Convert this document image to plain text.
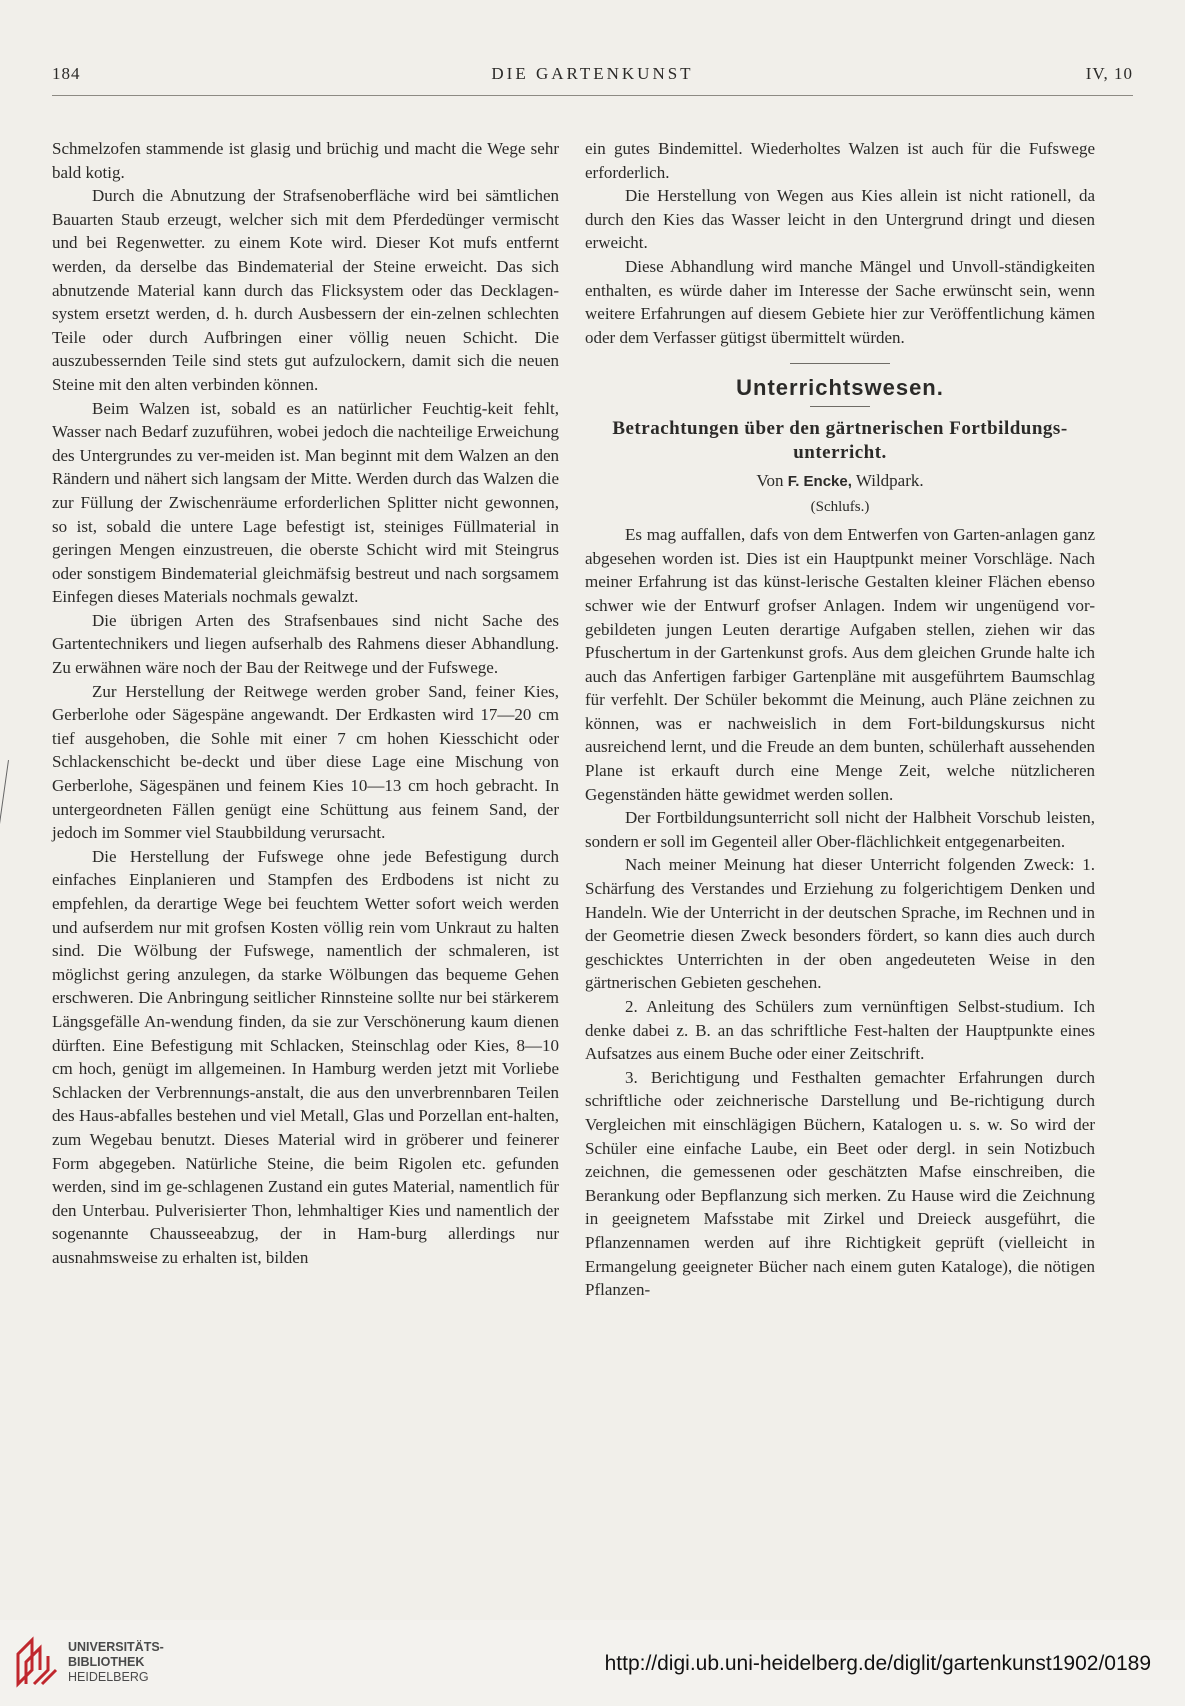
184	DIE GARTENKUNST	IV, 10

Schmelzofen stammende ist glasig und brüchig und macht die Wege sehr bald kotig.

Durch die Abnutzung der Strafsenoberfläche wird bei sämtlichen Bauarten Staub erzeugt, welcher sich mit dem Pferdedünger vermischt und bei Regenwetter. zu einem Kote wird. Dieser Kot mufs entfernt werden, da derselbe das Bindematerial der Steine erweicht. Das sich abnutzende Material kann durch das Flicksystem oder das Decklagen-system ersetzt werden, d. h. durch Ausbessern der ein-zelnen schlechten Teile oder durch Aufbringen einer völlig neuen Schicht. Die auszubessernden Teile sind stets gut aufzulockern, damit sich die neuen Steine mit den alten verbinden können.

Beim Walzen ist, sobald es an natürlicher Feuchtig-keit fehlt, Wasser nach Bedarf zuzuführen, wobei jedoch die nachteilige Erweichung des Untergrundes zu ver-meiden ist. Man beginnt mit dem Walzen an den Rändern und nähert sich langsam der Mitte. Werden durch das Walzen die zur Füllung der Zwischenräume erforderlichen Splitter nicht gewonnen, so ist, sobald die untere Lage befestigt ist, steiniges Füllmaterial in geringen Mengen einzustreuen, die oberste Schicht wird mit Steingrus oder sonstigem Bindematerial gleichmäfsig bestreut und nach sorgsamem Einfegen dieses Materials nochmals gewalzt.

Die übrigen Arten des Strafsenbaues sind nicht Sache des Gartentechnikers und liegen aufserhalb des Rahmens dieser Abhandlung. Zu erwähnen wäre noch der Bau der Reitwege und der Fufswege.

Zur Herstellung der Reitwege werden grober Sand, feiner Kies, Gerberlohe oder Sägespäne angewandt. Der Erdkasten wird 17—20 cm tief ausgehoben, die Sohle mit einer 7 cm hohen Kiesschicht oder Schlackenschicht be-deckt und über diese Lage eine Mischung von Gerberlohe, Sägespänen und feinem Kies 10—13 cm hoch gebracht. In untergeordneten Fällen genügt eine Schüttung aus feinem Sand, der jedoch im Sommer viel Staubbildung verursacht.

Die Herstellung der Fufswege ohne jede Befestigung durch einfaches Einplanieren und Stampfen des Erdbodens ist nicht zu empfehlen, da derartige Wege bei feuchtem Wetter sofort weich werden und aufserdem nur mit grofsen Kosten völlig rein vom Unkraut zu halten sind. Die Wölbung der Fufswege, namentlich der schmaleren, ist möglichst gering anzulegen, da starke Wölbungen das bequeme Gehen erschweren. Die Anbringung seitlicher Rinnsteine sollte nur bei stärkerem Längsgefälle An-wendung finden, da sie zur Verschönerung kaum dienen dürften. Eine Befestigung mit Schlacken, Steinschlag oder Kies, 8—10 cm hoch, genügt im allgemeinen. In Hamburg werden jetzt mit Vorliebe Schlacken der Verbrennungs-anstalt, die aus den unverbrennbaren Teilen des Haus-abfalles bestehen und viel Metall, Glas und Porzellan ent-halten, zum Wegebau benutzt. Dieses Material wird in gröberer und feinerer Form abgegeben. Natürliche Steine, die beim Rigolen etc. gefunden werden, sind im ge-schlagenen Zustand ein gutes Material, namentlich für den Unterbau. Pulverisierter Thon, lehmhaltiger Kies und namentlich der sogenannte Chausseeabzug, der in Ham-burg allerdings nur ausnahmsweise zu erhalten ist, bilden

ein gutes Bindemittel. Wiederholtes Walzen ist auch für die Fufswege erforderlich.

Die Herstellung von Wegen aus Kies allein ist nicht rationell, da durch den Kies das Wasser leicht in den Untergrund dringt und diesen erweicht.

Diese Abhandlung wird manche Mängel und Unvoll-ständigkeiten enthalten, es würde daher im Interesse der Sache erwünscht sein, wenn weitere Erfahrungen auf diesem Gebiete hier zur Veröffentlichung kämen oder dem Verfasser gütigst übermittelt würden.

Unterrichtswesen.
Betrachtungen über den gärtnerischen Fortbildungs-unterricht.
Von F. Encke, Wildpark.
(Schlufs.)

Es mag auffallen, dafs von dem Entwerfen von Garten-anlagen ganz abgesehen worden ist. Dies ist ein Hauptpunkt meiner Vorschläge. Nach meiner Erfahrung ist das künst-lerische Gestalten kleiner Flächen ebenso schwer wie der Entwurf grofser Anlagen. Indem wir ungenügend vor-gebildeten jungen Leuten derartige Aufgaben stellen, ziehen wir das Pfuschertum in der Gartenkunst grofs. Aus dem gleichen Grunde halte ich auch das Anfertigen farbiger Gartenpläne mit ausgeführtem Baumschlag für verfehlt. Der Schüler bekommt die Meinung, auch Pläne zeichnen zu können, was er nachweislich in dem Fort-bildungskursus nicht ausreichend lernt, und die Freude an dem bunten, schülerhaft aussehenden Plane ist erkauft durch eine Menge Zeit, welche nützlicheren Gegenständen hätte gewidmet werden sollen.

Der Fortbildungsunterricht soll nicht der Halbheit Vorschub leisten, sondern er soll im Gegenteil aller Ober-flächlichkeit entgegenarbeiten.

Nach meiner Meinung hat dieser Unterricht folgenden Zweck: 1. Schärfung des Verstandes und Erziehung zu folgerichtigem Denken und Handeln. Wie der Unterricht in der deutschen Sprache, im Rechnen und in der Geometrie diesen Zweck besonders fördert, so kann dies auch durch geschicktes Unterrichten in der oben angedeuteten Weise in den gärtnerischen Gebieten geschehen.

2. Anleitung des Schülers zum vernünftigen Selbst-studium. Ich denke dabei z. B. an das schriftliche Fest-halten der Hauptpunkte eines Aufsatzes aus einem Buche oder einer Zeitschrift.

3. Berichtigung und Festhalten gemachter Erfahrungen durch schriftliche oder zeichnerische Darstellung und Be-richtigung durch Vergleichen mit einschlägigen Büchern, Katalogen u. s. w. So wird der Schüler eine einfache Laube, ein Beet oder dergl. in sein Notizbuch zeichnen, die gemessenen oder geschätzten Mafse einschreiben, die Berankung oder Bepflanzung sich merken. Zu Hause wird die Zeichnung in geeignetem Mafsstabe mit Zirkel und Dreieck ausgeführt, die Pflanzennamen werden auf ihre Richtigkeit geprüft (vielleicht in Ermangelung geeigneter Bücher nach einem guten Kataloge), die nötigen Pflanzen-

UNIVERSITÄTS-
BIBLIOTHEK
HEIDELBERG
http://digi.ub.uni-heidelberg.de/diglit/gartenkunst1902/0189
